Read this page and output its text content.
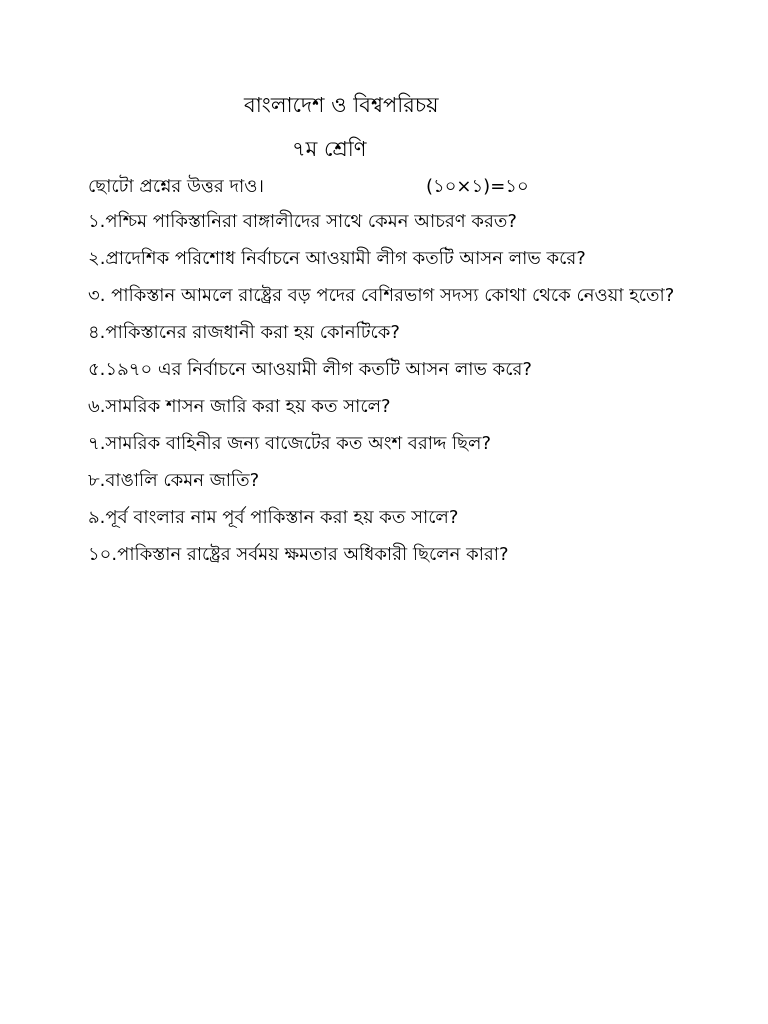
বাংলাদেশ ও বিশ্বপরিচয়
৭ম শ্রেণি
ছোটো প্রশ্নের উত্তর দাও।	(১০×১)=১০
১.পশ্চিম পাকিস্তানিরা বাঙ্গালীদের সাথে কেমন আচরণ করত?
২.প্রাদেশিক পরিশোধ নির্বাচনে আওয়ামী লীগ কতটি আসন লাভ করে?
৩. পাকিস্তান আমলে রাষ্ট্রের বড় পদের বেশিরভাগ সদস্য কোথা থেকে নেওয়া হতো?
৪.পাকিস্তানের রাজধানী করা হয় কোনটিকে?
৫.১৯৭০ এর নির্বাচনে আওয়ামী লীগ কতটি আসন লাভ করে?
৬.সামরিক শাসন জারি করা হয় কত সালে?
৭.সামরিক বাহিনীর জন্য বাজেটের কত অংশ বরাদ্দ ছিল?
৮.বাঙালি কেমন জাতি?
৯.পূর্ব বাংলার নাম পূর্ব পাকিস্তান করা হয় কত সালে?
১০.পাকিস্তান রাষ্ট্রের সর্বময় ক্ষমতার অধিকারী ছিলেন কারা?
